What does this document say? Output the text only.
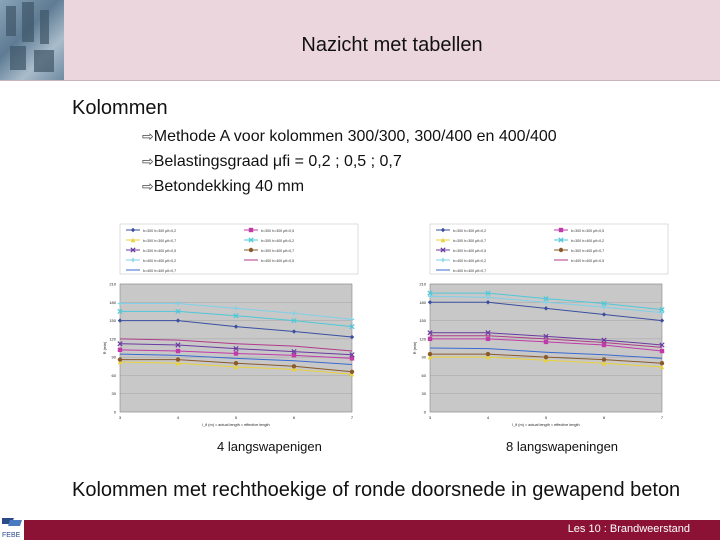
Nazicht met tabellen
Kolommen
⇨Methode A voor kolommen 300/300, 300/400 en 400/400
⇨Belastingsgraad μfi = 0,2 ; 0,5 ; 0,7
⇨Betondekking 40 mm
b=300 h=300 μfi=0,2	b=300 h=300 μfi=0,5
b=300 h=300 μfi=0,7	b=300 h=400 μfi=0,2
b=300 h=400 μfi=0,5	b=300 h=400 μfi=0,7
b=400 h=400 μfi=0,2	b=400 h=400 μfi=0,5
b=400 h=400 μfi=0,7
0
30
60
90
120
150
180
210
3	4	5	6	7
l_fi (m) = actual length = effective length
R (min)
4 langswapenigen
b=300 h=300 μfi=0,2	b=300 h=300 μfi=0,5
b=300 h=300 μfi=0,7	b=300 h=400 μfi=0,2
b=300 h=400 μfi=0,5	b=300 h=400 μfi=0,7
b=400 h=400 μfi=0,2	b=400 h=400 μfi=0,5
b=400 h=400 μfi=0,7
0
30
60
90
120
150
180
210
3	4	5	6	7
l_fi (m) = actual length = effective length
R (min)
8 langswapeningen
Kolommen met rechthoekige of ronde doorsnede in gewapend beton
FEBE
Les 10 : Brandweerstand
